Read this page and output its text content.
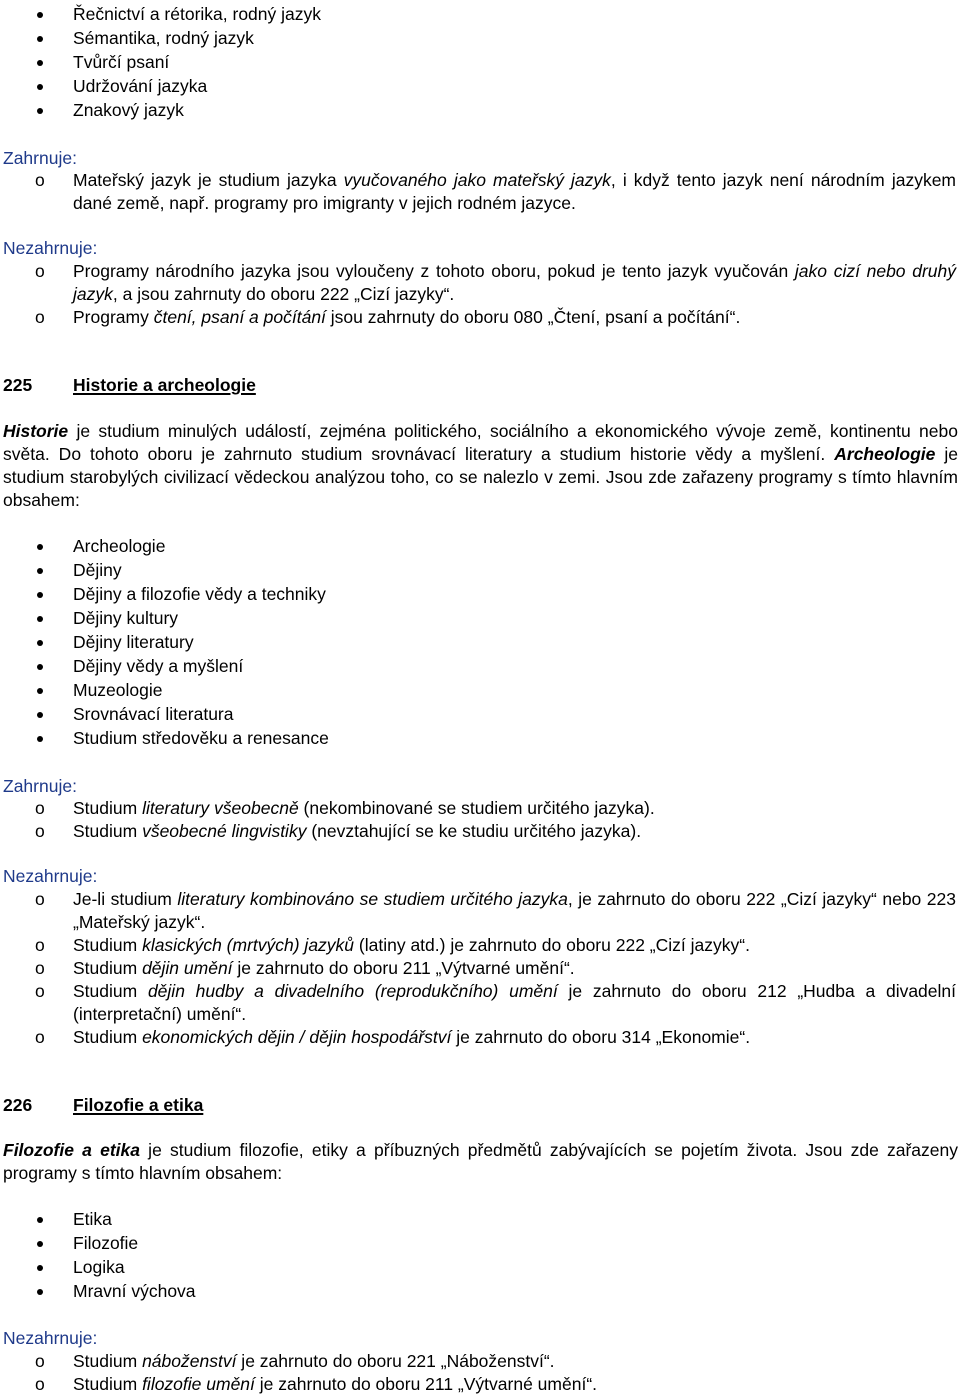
Řečnictví a rétorika, rodný jazyk
Sémantika, rodný jazyk
Tvůrčí psaní
Udržování jazyka
Znakový jazyk
Zahrnuje:
o Mateřský jazyk je studium jazyka vyučovaného jako mateřský jazyk, i když tento jazyk není národním jazykem dané země, např. programy pro imigranty v jejich rodném jazyce.
Nezahrnuje:
o Programy národního jazyka jsou vyloučeny z tohoto oboru, pokud je tento jazyk vyučován jako cizí nebo druhý jazyk, a jsou zahrnuty do oboru 222 „Cizí jazyky“.
o Programy čtení, psaní a počítání jsou zahrnuty do oboru 080 „Čtení, psaní a počítání“.
225 Historie a archeologie
Historie je studium minulých událostí, zejména politického, sociálního a ekonomického vývoje země, kontinentu nebo světa. Do tohoto oboru je zahrnuto studium srovnávací literatury a studium historie vědy a myšlení. Archeologie je studium starobylých civilizací vědeckou analýzou toho, co se nalezlo v zemi. Jsou zde zařazeny programy s tímto hlavním obsahem:
Archeologie
Dějiny
Dějiny a filozofie vědy a techniky
Dějiny kultury
Dějiny literatury
Dějiny vědy a myšlení
Muzeologie
Srovnávací literatura
Studium středověku a renesance
Zahrnuje:
o Studium literatury všeobecně (nekombinované se studiem určitého jazyka).
o Studium všeobecné lingvistiky (nevztahující se ke studiu určitého jazyka).
Nezahrnuje:
o Je-li studium literatury kombinováno se studiem určitého jazyka, je zahrnuto do oboru 222 „Cizí jazyky“ nebo 223 „Mateřský jazyk“.
o Studium klasických (mrtvých) jazyků (latiny atd.) je zahrnuto do oboru 222 „Cizí jazyky“.
o Studium dějin umění je zahrnuto do oboru 211 „Výtvarné umění“.
o Studium dějin hudby a divadelního (reprodukčního) umění je zahrnuto do oboru 212 „Hudba a divadelní (interpretační) umění“.
o Studium ekonomických dějin / dějin hospodářství je zahrnuto do oboru 314 „Ekonomie“.
226 Filozofie a etika
Filozofie a etika je studium filozofie, etiky a příbuzných předmětů zabývajících se pojetím života. Jsou zde zařazeny programy s tímto hlavním obsahem:
Etika
Filozofie
Logika
Mravní výchova
Nezahrnuje:
o Studium náboženství je zahrnuto do oboru 221 „Náboženství“.
o Studium filozofie umění je zahrnuto do oboru 211 „Výtvarné umění“.
